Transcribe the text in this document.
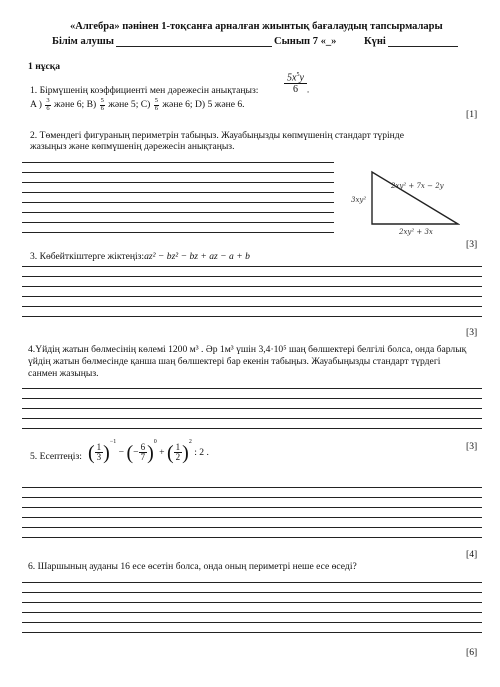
«Алгебра» пәнінен 1-тоқсанға арналған жиынтық бағалаудың тапсырмалары
Білім алушы	Сынып 7 «_»	Күні
1 нұсқа
1. Бірмүшенің коэффициенті мен дәрежесін анықтаңыз:	$\frac{5x^5y}{6}$ .
A ) $\frac{3}{6}$ және 6; $B) \frac{5}{6}$ және 5; $C) \frac{5}{6}$ және 6; D) 5 және 6.
[1]
2. Төмендегі фигураның периметрін табыңыз. Жауабыңызды көпмүшенің стандарт түрінде
жазыңыз және көпмүшенің дәрежесін анықтаңыз.
3xy²
2xy² + 7x − 2y
2xy² + 3x
[3]
3. Көбейткіштерге жіктеңіз:az² − bz² − bz + az − a + b
[3]
4.Үйдің жатын бөлмесінің көлемі 1200 м³ . Әр 1м³ үшін 3,4·10⁵ шаң бөлшектері белгілі болса, онда барлық
үйдің жатын бөлмесінде қанша шаң бөлшектері бар екенін табыңыз. Жауабыңызды стандарт түрдегі
санмен жазыңыз.
[3]
5. Есептеңіз: ( $\frac{1}{3} )^{-1}$ − (− $\frac{6}{7} )^0$ + ( $\frac{1}{2} )^2$ : 2 .
[4]
6. Шаршының ауданы 16 есе өсетін болса, онда оның периметрі неше есе өседі?
[6]
